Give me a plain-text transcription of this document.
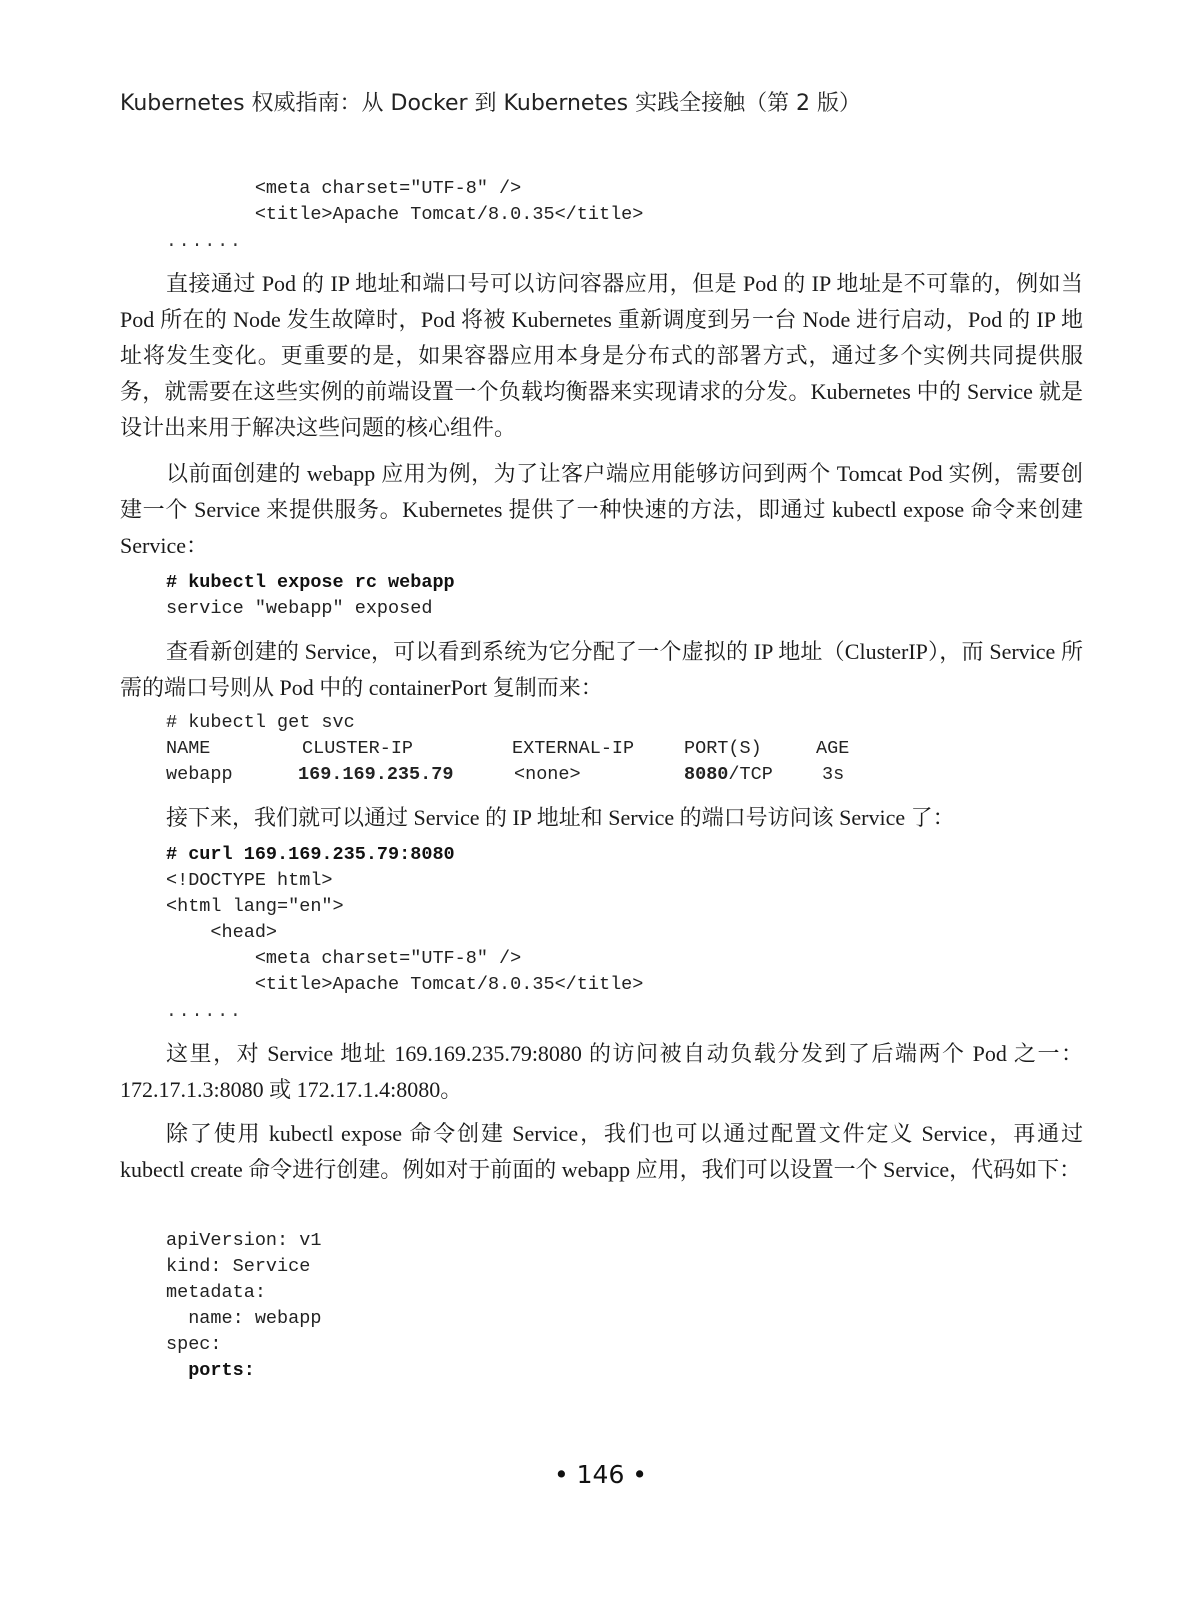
Kubernetes 权威指南：从 Docker 到 Kubernetes 实践全接触（第 2 版）
<meta charset="UTF-8" />
<title>Apache Tomcat/8.0.35</title>
......
直接通过 Pod 的 IP 地址和端口号可以访问容器应用，但是 Pod 的 IP 地址是不可靠的，例如当 Pod 所在的 Node 发生故障时，Pod 将被 Kubernetes 重新调度到另一台 Node 进行启动，Pod 的 IP 地址将发生变化。更重要的是，如果容器应用本身是分布式的部署方式，通过多个实例共同提供服务，就需要在这些实例的前端设置一个负载均衡器来实现请求的分发。Kubernetes 中的 Service 就是设计出来用于解决这些问题的核心组件。
以前面创建的 webapp 应用为例，为了让客户端应用能够访问到两个 Tomcat Pod 实例，需要创建一个 Service 来提供服务。Kubernetes 提供了一种快速的方法，即通过 kubectl expose 命令来创建 Service：
# kubectl expose rc webapp
service "webapp" exposed
查看新创建的 Service，可以看到系统为它分配了一个虚拟的 IP 地址（ClusterIP），而 Service 所需的端口号则从 Pod 中的 containerPort 复制而来：
# kubectl get svc
NAME	CLUSTER-IP	EXTERNAL-IP	PORT(S)	AGE
webapp	169.169.235.79	<none>	8080/TCP	3s
接下来，我们就可以通过 Service 的 IP 地址和 Service 的端口号访问该 Service 了：
# curl 169.169.235.79:8080
<!DOCTYPE html>
<html lang="en">
<head>
<meta charset="UTF-8" />
<title>Apache Tomcat/8.0.35</title>
......
这里，对 Service 地址 169.169.235.79:8080 的访问被自动负载分发到了后端两个 Pod 之一：172.17.1.3:8080 或 172.17.1.4:8080。
除了使用 kubectl expose 命令创建 Service，我们也可以通过配置文件定义 Service，再通过 kubectl create 命令进行创建。例如对于前面的 webapp 应用，我们可以设置一个 Service，代码如下：
apiVersion: v1
kind: Service
metadata:
name: webapp
spec:
ports:
• 146 •
